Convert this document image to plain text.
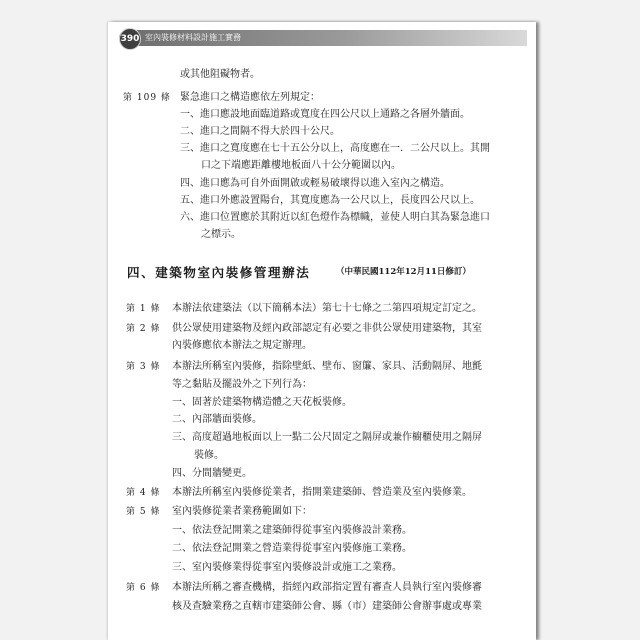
390 室內裝修材料設計施工實務
或其他阻礙物者。
第 109 條 緊急進口之構造應依左列規定：
一、進口應設地面臨道路或寬度在四公尺以上通路之各層外牆面。
二、進口之間隔不得大於四十公尺。
三、進口之寬度應在七十五公分以上，高度應在一．二公尺以上。其開
口之下端應距離樓地板面八十公分範圍以內。
四、進口應為可自外面開啟或輕易破壞得以進入室內之構造。
五、進口外應設置陽台，其寬度應為一公尺以上，長度四公尺以上。
六、進口位置應於其附近以紅色燈作為標幟，並使人明白其為緊急進口
之標示。
四、建築物室內裝修管理辦法	（中華民國112年12月11日修訂）
第 1 條 本辦法依建築法（以下簡稱本法）第七十七條之二第四項規定訂定之。
第 2 條 供公眾使用建築物及經內政部認定有必要之非供公眾使用建築物，其室
內裝修應依本辦法之規定辦理。
第 3 條 本辦法所稱室內裝修，指除壁紙、壁布、窗簾、家具、活動隔屏、地氈
等之黏貼及擺設外之下列行為：
一、固著於建築物構造體之天花板裝修。
二、內部牆面裝修。
三、高度超過地板面以上一點二公尺固定之隔屏或兼作櫥櫃使用之隔屏
裝修。
四、分間牆變更。
第 4 條 本辦法所稱室內裝修從業者，指開業建築師、營造業及室內裝修業。
第 5 條 室內裝修從業者業務範圍如下：
一、依法登記開業之建築師得從事室內裝修設計業務。
二、依法登記開業之營造業得從事室內裝修施工業務。
三、室內裝修業得從事室內裝修設計或施工之業務。
第 6 條 本辦法所稱之審查機構，指經內政部指定置有審查人員執行室內裝修審
核及查驗業務之直轄市建築師公會、縣（市）建築師公會辦事處或專業
